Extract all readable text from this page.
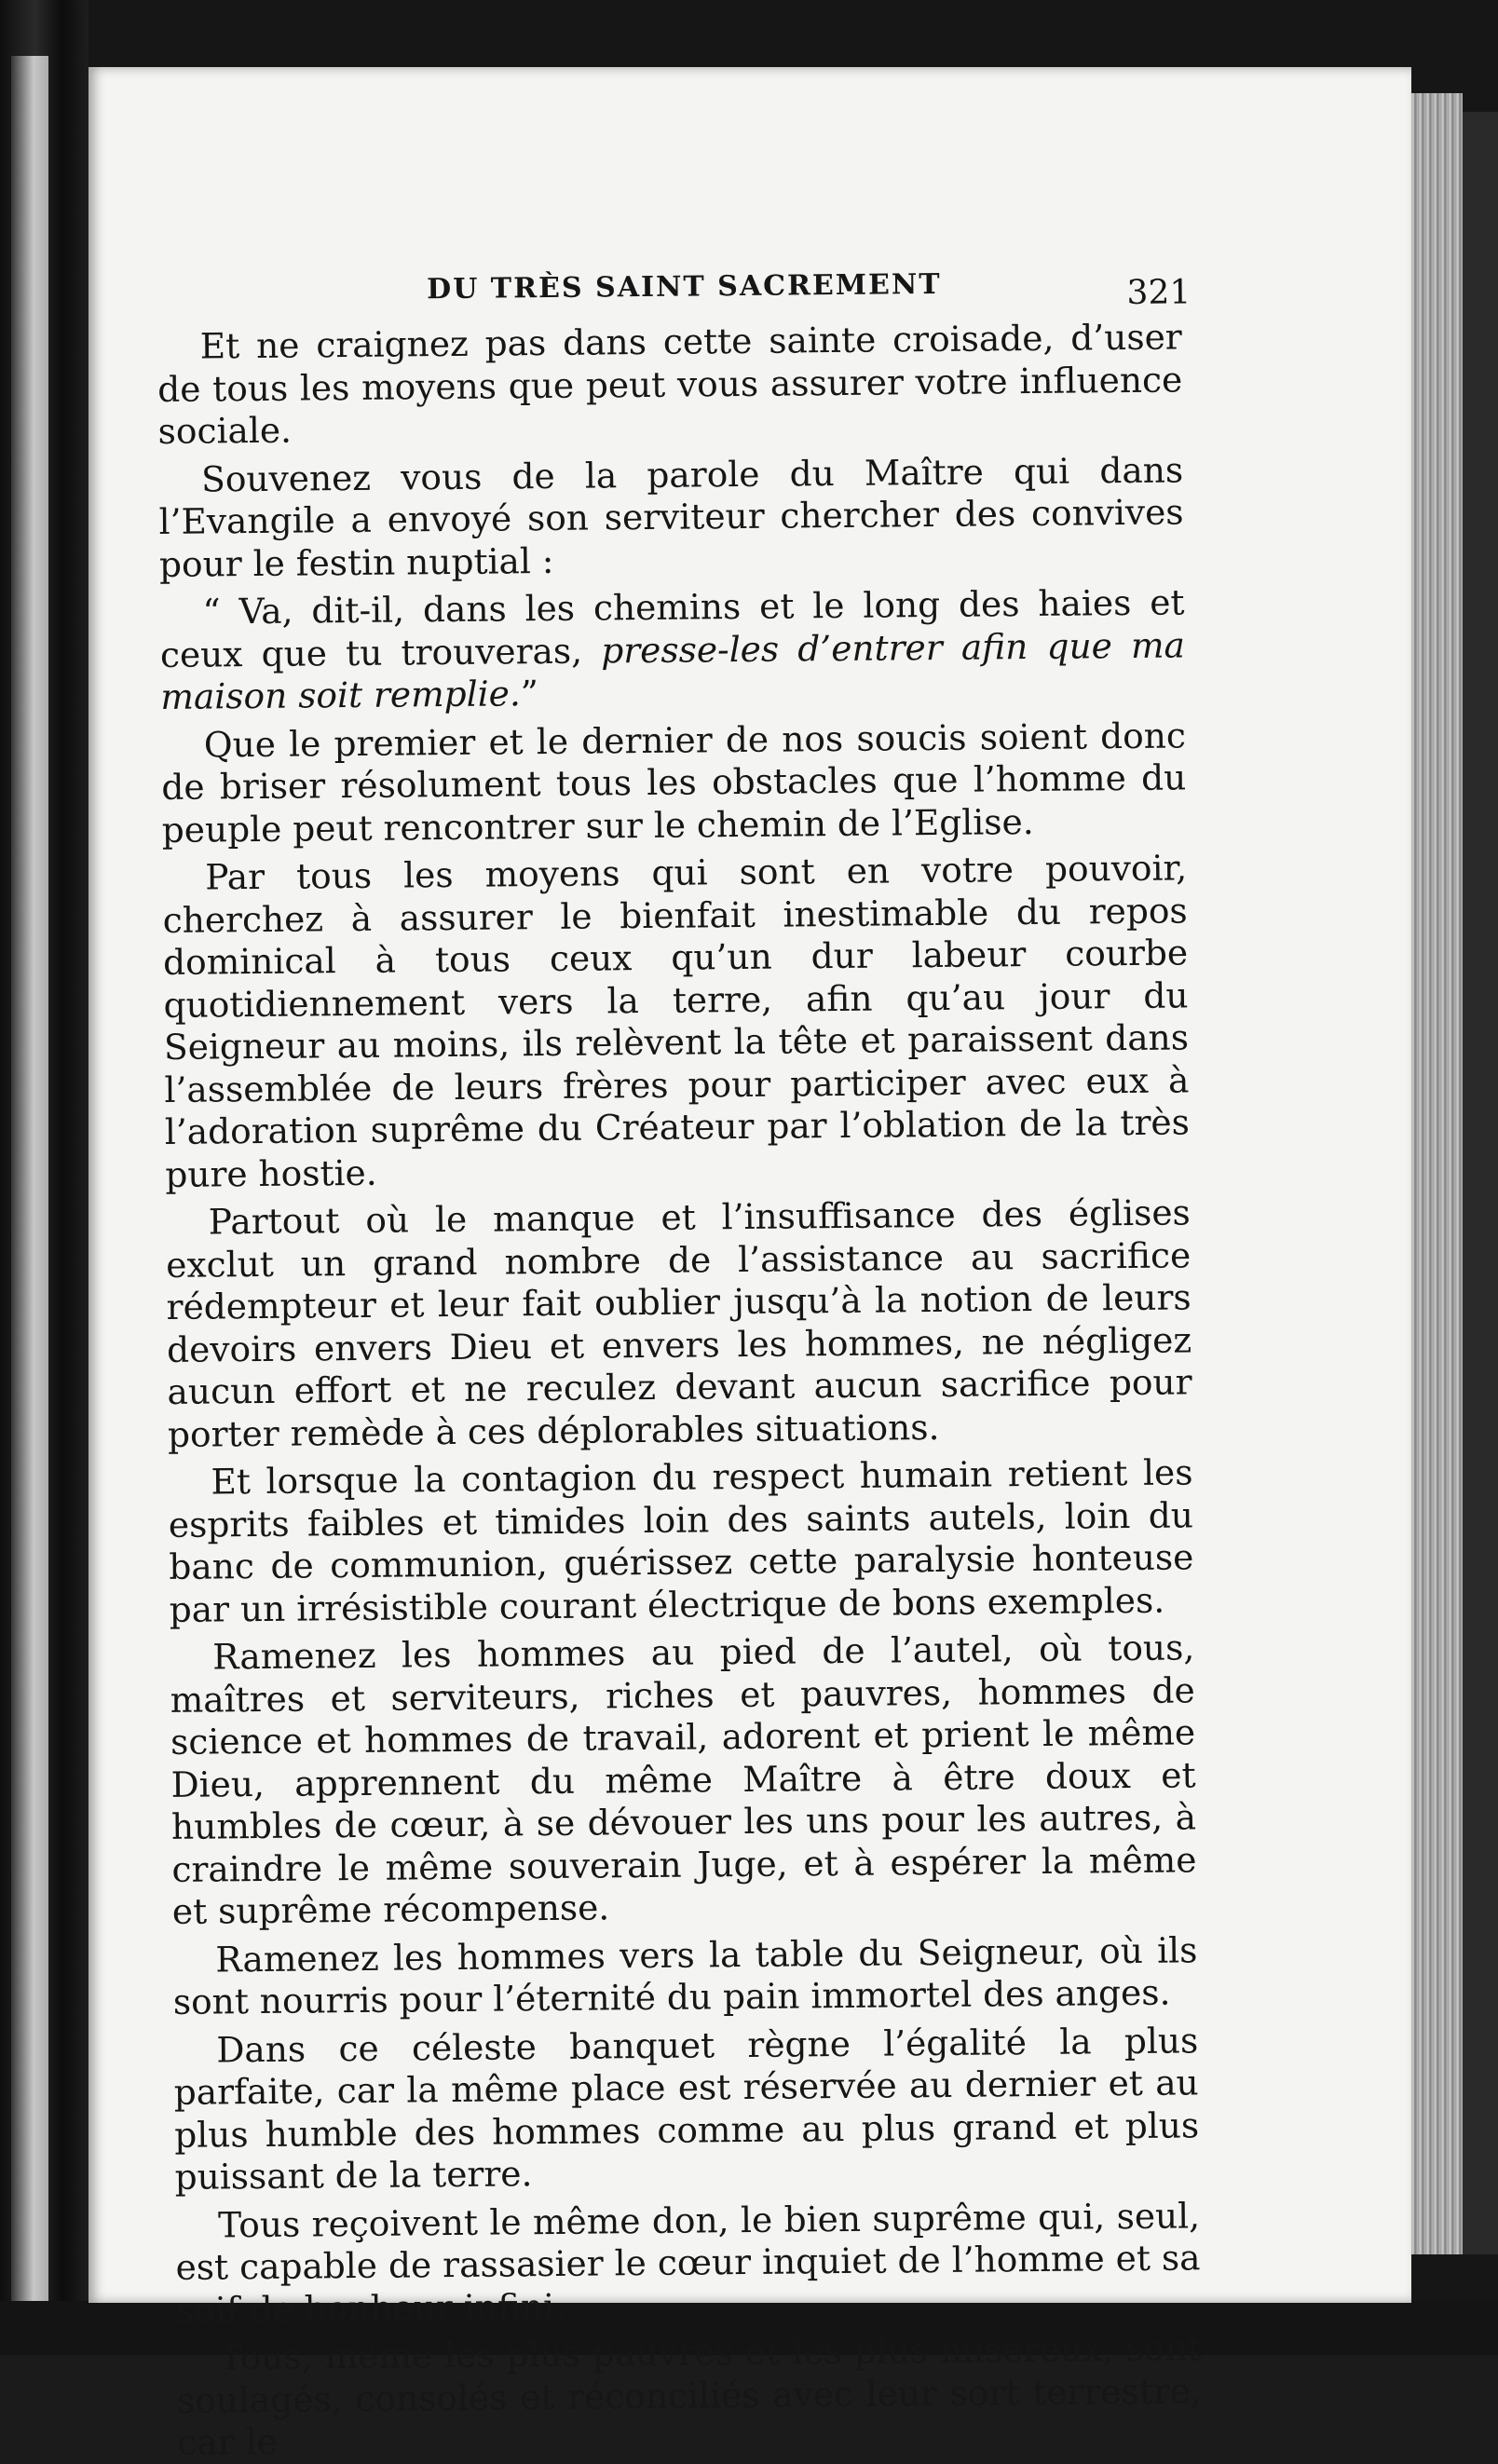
DU TRÈS SAINT SACREMENT	321

Et ne craignez pas dans cette sainte croisade, d’user de tous les moyens que peut vous assurer votre influence sociale.

Souvenez vous de la parole du Maître qui dans l’Evangile a envoyé son serviteur chercher des convives pour le festin nuptial :

“ Va, dit-il, dans les chemins et le long des haies et ceux que tu trouveras, presse-les d’entrer afin que ma maison soit remplie.”

Que le premier et le dernier de nos soucis soient donc de briser résolument tous les obstacles que l’homme du peuple peut rencontrer sur le chemin de l’Eglise.

Par tous les moyens qui sont en votre pouvoir, cherchez à assurer le bienfait inestimable du repos dominical à tous ceux qu’un dur labeur courbe quotidiennement vers la terre, afin qu’au jour du Seigneur au moins, ils relèvent la tête et paraissent dans l’assemblée de leurs frères pour participer avec eux à l’adoration suprême du Créateur par l’oblation de la très pure hostie.

Partout où le manque et l’insuffisance des églises exclut un grand nombre de l’assistance au sacrifice rédempteur et leur fait oublier jusqu’à la notion de leurs devoirs envers Dieu et envers les hommes, ne négligez aucun effort et ne reculez devant aucun sacrifice pour porter remède à ces déplorables situations.

Et lorsque la contagion du respect humain retient les esprits faibles et timides loin des saints autels, loin du banc de communion, guérissez cette paralysie honteuse par un irrésistible courant électrique de bons exemples.

Ramenez les hommes au pied de l’autel, où tous, maîtres et serviteurs, riches et pauvres, hommes de science et hommes de travail, adorent et prient le même Dieu, apprennent du même Maître à être doux et humbles de cœur, à se dévouer les uns pour les autres, à craindre le même souverain Juge, et à espérer la même et suprême récompense.

Ramenez les hommes vers la table du Seigneur, où ils sont nourris pour l’éternité du pain immortel des anges.

Dans ce céleste banquet règne l’égalité la plus parfaite, car la même place est réservée au dernier et au plus humble des hommes comme au plus grand et plus puissant de la terre.

Tous reçoivent le même don, le bien suprême qui, seul, est capable de rassasier le cœur inquiet de l’homme et sa soif de bonheur infini.

Tous, même les plus pauvres et les plus miséreux, sont soulagés, consolés et réconciliés avec leur sort terrestre, car le
